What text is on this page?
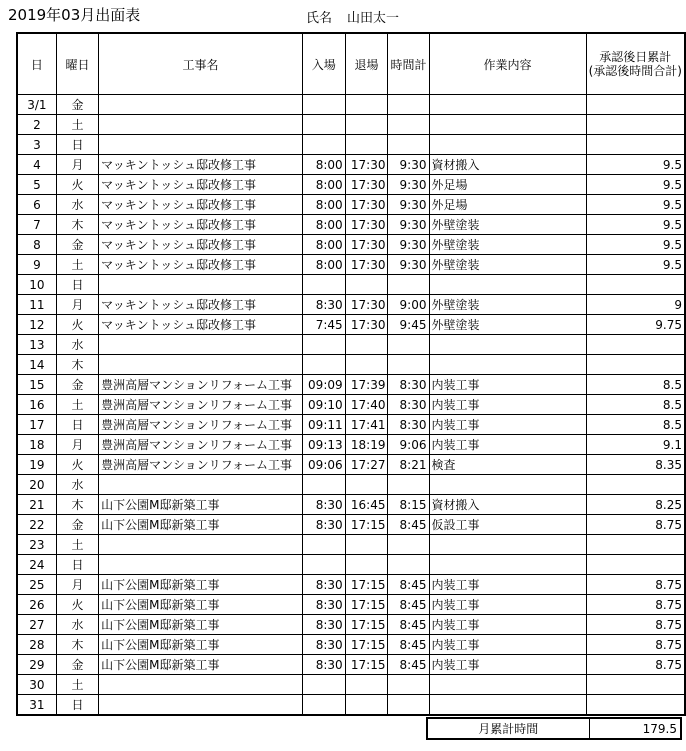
2019年03月出面表	氏名 山田太一
日	曜日	工事名	入場	退場	時間計	作業内容	承認後日累計
(承認後時間合計)
3/1	金						
2	土						
3	日						
4	月	マッキントッシュ邸改修工事	8:00	17:30	9:30	資材搬入	9.5
5	火	マッキントッシュ邸改修工事	8:00	17:30	9:30	外足場	9.5
6	水	マッキントッシュ邸改修工事	8:00	17:30	9:30	外足場	9.5
7	木	マッキントッシュ邸改修工事	8:00	17:30	9:30	外壁塗装	9.5
8	金	マッキントッシュ邸改修工事	8:00	17:30	9:30	外壁塗装	9.5
9	土	マッキントッシュ邸改修工事	8:00	17:30	9:30	外壁塗装	9.5
10	日						
11	月	マッキントッシュ邸改修工事	8:30	17:30	9:00	外壁塗装	9
12	火	マッキントッシュ邸改修工事	7:45	17:30	9:45	外壁塗装	9.75
13	水						
14	木						
15	金	豊洲高層マンションリフォーム工事	09:09	17:39	8:30	内装工事	8.5
16	土	豊洲高層マンションリフォーム工事	09:10	17:40	8:30	内装工事	8.5
17	日	豊洲高層マンションリフォーム工事	09:11	17:41	8:30	内装工事	8.5
18	月	豊洲高層マンションリフォーム工事	09:13	18:19	9:06	内装工事	9.1
19	火	豊洲高層マンションリフォーム工事	09:06	17:27	8:21	検査	8.35
20	水						
21	木	山下公園M邸新築工事	8:30	16:45	8:15	資材搬入	8.25
22	金	山下公園M邸新築工事	8:30	17:15	8:45	仮設工事	8.75
23	土						
24	日						
25	月	山下公園M邸新築工事	8:30	17:15	8:45	内装工事	8.75
26	火	山下公園M邸新築工事	8:30	17:15	8:45	内装工事	8.75
27	水	山下公園M邸新築工事	8:30	17:15	8:45	内装工事	8.75
28	木	山下公園M邸新築工事	8:30	17:15	8:45	内装工事	8.75
29	金	山下公園M邸新築工事	8:30	17:15	8:45	内装工事	8.75
30	土						
31	日						
月累計時間	179.5
